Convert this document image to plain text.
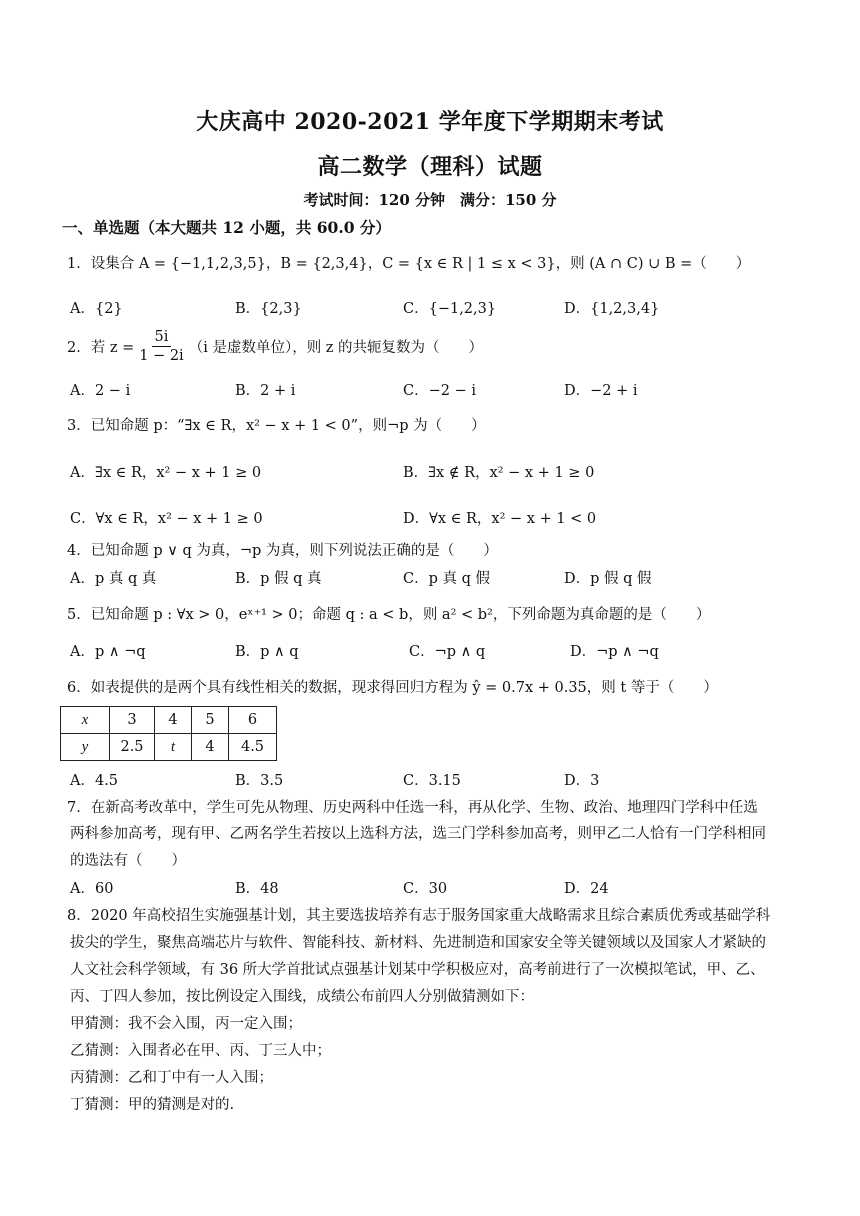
大庆高中 2020-2021 学年度下学期期末考试
高二数学（理科）试题
考试时间：120 分钟　满分：150 分
一、单选题（本大题共 12 小题，共 60.0 分）
1．设集合 A = {−1,1,2,3,5}，B = {2,3,4}，C = {x ∈ R | 1 ≤ x < 3}，则 (A ∩ C) ∪ B =（　　）
A．{2}	B．{2,3}	C．{−1,2,3}	D．{1,2,3,4}
2．若 $z = \frac{5i}{1 - 2i} (i$ 是虚数单位），则 z 的共轭复数为（　　）
A．2 − i	B．2 + i	C．−2 − i	D．−2 + i
3．已知命题 p：“∃x ∈ R，x² − x + 1 < 0”，则¬p 为（　　）
A．∃x ∈ R，x² − x + 1 ≥ 0	B．∃x ∉ R，x² − x + 1 ≥ 0
C．∀x ∈ R，x² − x + 1 ≥ 0	D．∀x ∈ R，x² − x + 1 < 0
4．已知命题 p ∨ q 为真，¬p 为真，则下列说法正确的是（　　）
A．p 真 q 真	B．p 假 q 真	C．p 真 q 假	D．p 假 q 假
5．已知命题 p : ∀x > 0，eˣ⁺¹ > 0；命题 q : a < b，则 a² < b²，下列命题为真命题的是（　　）
A．p ∧ ¬q	B．p ∧ q	C．¬p ∧ q	D．¬p ∧ ¬q
6．如表提供的是两个具有线性相关的数据，现求得回归方程为 ŷ = 0.7x + 0.35，则 t 等于（　　）
x	3	4	5	6
y	2.5	t	4	4.5
A．4.5	B．3.5	C．3.15	D．3
7．在新高考改革中，学生可先从物理、历史两科中任选一科，再从化学、生物、政治、地理四门学科中任选
两科参加高考，现有甲、乙两名学生若按以上选科方法，选三门学科参加高考，则甲乙二人恰有一门学科相同
的选法有（　　）
A．60	B．48	C．30	D．24
8．2020 年高校招生实施强基计划，其主要选拔培养有志于服务国家重大战略需求且综合素质优秀或基础学科
拔尖的学生，聚焦高端芯片与软件、智能科技、新材料、先进制造和国家安全等关键领域以及国家人才紧缺的
人文社会科学领域，有 36 所大学首批试点强基计划某中学积极应对，高考前进行了一次模拟笔试，甲、乙、
丙、丁四人参加，按比例设定入围线，成绩公布前四人分别做猜测如下：
甲猜测：我不会入围，丙一定入围；
乙猜测：入围者必在甲、丙、丁三人中；
丙猜测：乙和丁中有一人入围；
丁猜测：甲的猜测是对的.
